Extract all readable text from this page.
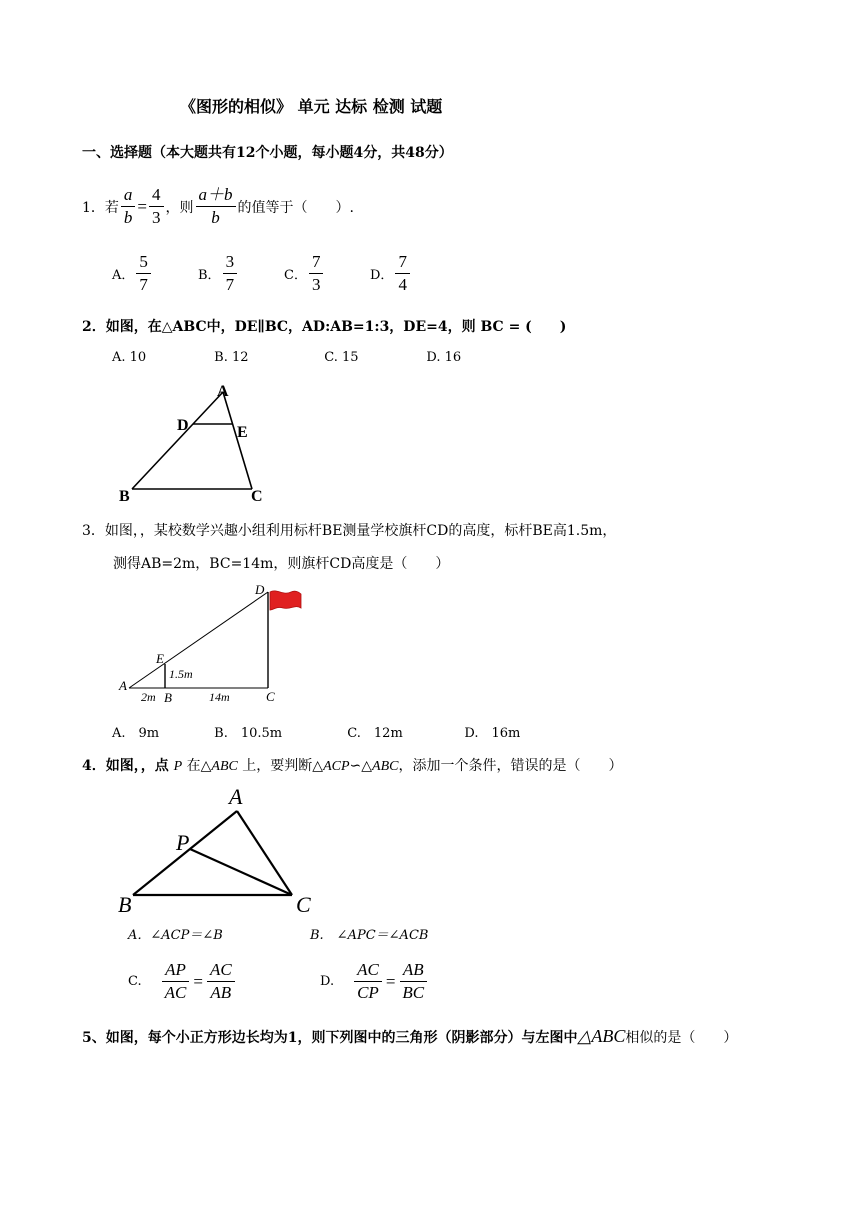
《图形的相似》 单元 达标 检测 试题
一、选择题（本大题共有12个小题，每小题4分，共48分）
1．若 $\frac{a}{b} = \frac{4}{3}$ ，则 $\frac{a+b}{b}$ 的值等于（　　）.
A． $\frac{5}{7}$	B． $\frac{3}{7}$	C． $\frac{7}{3}$	D． $\frac{7}{4}$
2．如图，在△ABC中，DE∥BC，AD:AB=1:3，DE=4，则 BC = (　　)
A. 10	B. 12	C. 15	D. 16
A
D	E
B	C
3．如图，，某校数学兴趣小组利用标杆BE测量学校旗杆CD的高度，标杆BE高1.5m，
测得AB=2m，BC=14m，则旗杆CD高度是（　　）
D
E
1.5m
A
2m B	14m	C
A.　9m	B.　10.5m	C.　12m	D.　16m
4．如图，，点 P 在△ABC 上，要判断△ACP∽△ABC，添加一个条件，错误的是（　　）
A
P
B	C
A．∠ACP＝∠B	B.　∠APC＝∠ACB
C. $\frac{AP}{AC} = \frac{AC}{AB}$	D. $\frac{AC}{CP} = \frac{AB}{BC}$
5、如图，每个小正方形边长均为1，则下列图中的三角形（阴影部分）与左图中△ABC相似的是（　　）
